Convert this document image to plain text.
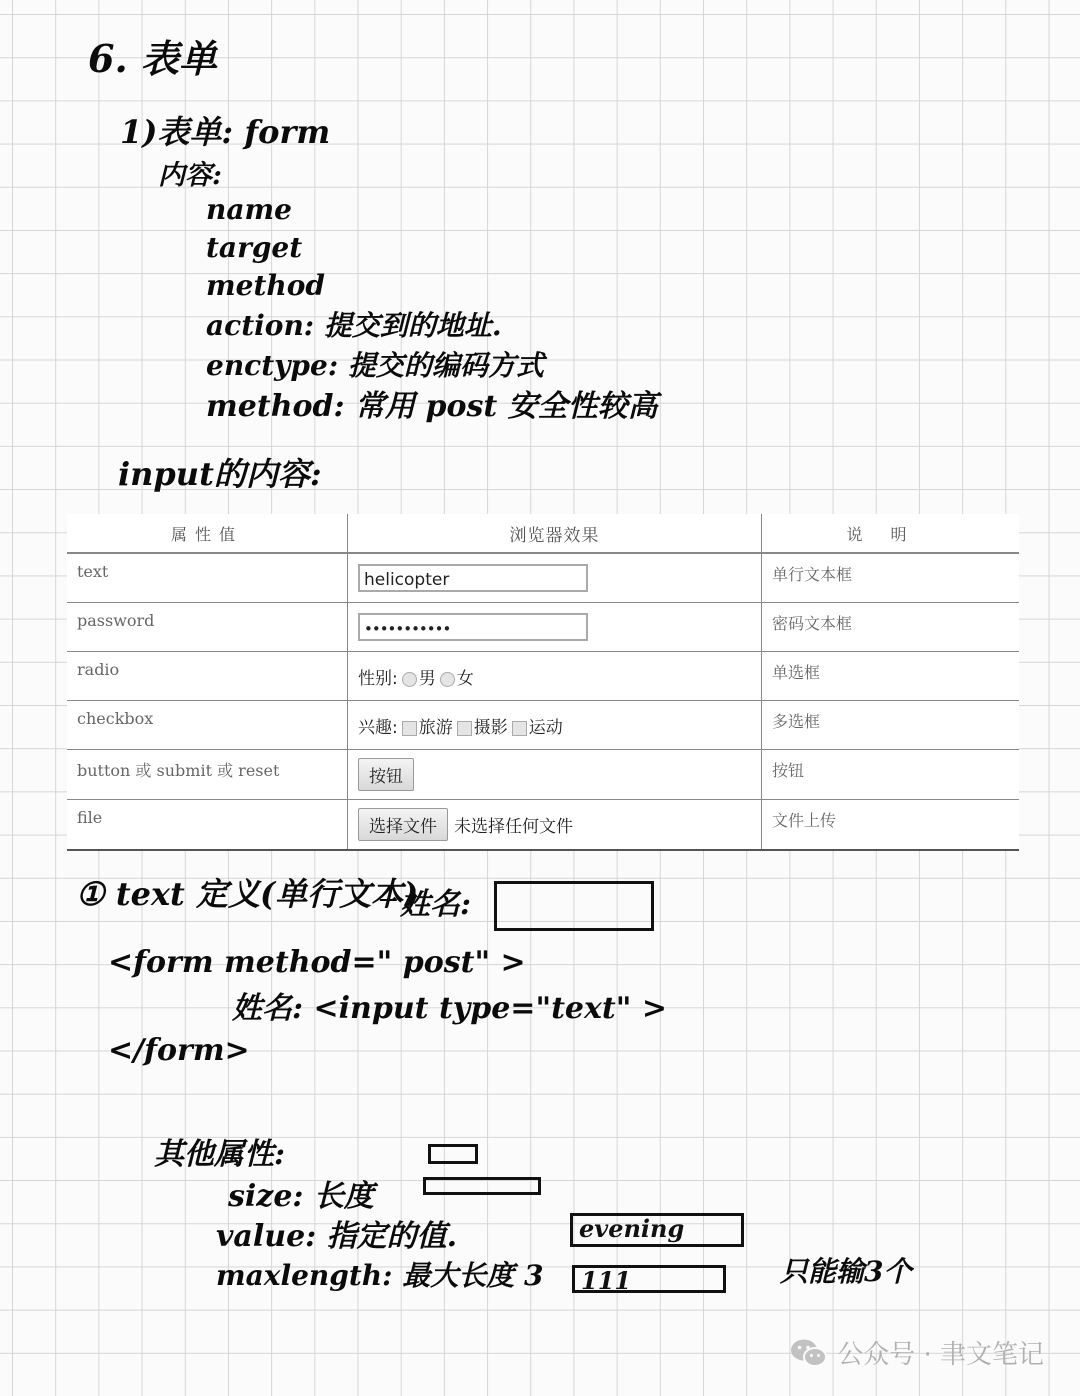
6. 表单
1)表单: form
内容:
name
target
method
action: 提交到的地址.
enctype: 提交的编码方式
method: 常用 post 安全性较高
input的内容:
属性值	浏览器效果	说明
text	helicopter	单行文本框
password	•••••••••••	密码文本框
radio	性别: 男 女	单选框
checkbox	兴趣: 旅游 摄影 运动	多选框
button 或 submit 或 reset	按钮	按钮
file	选择文件 未选择任何文件	文件上传
① text 定义(单行文本)
姓名:
<form method=" post" >
姓名: <input type="text" >
</form>
其他属性:
size: 长度
value: 指定的值.	evening
maxlength: 最大长度 3	111	只能输3个
公众号 · 聿文笔记
